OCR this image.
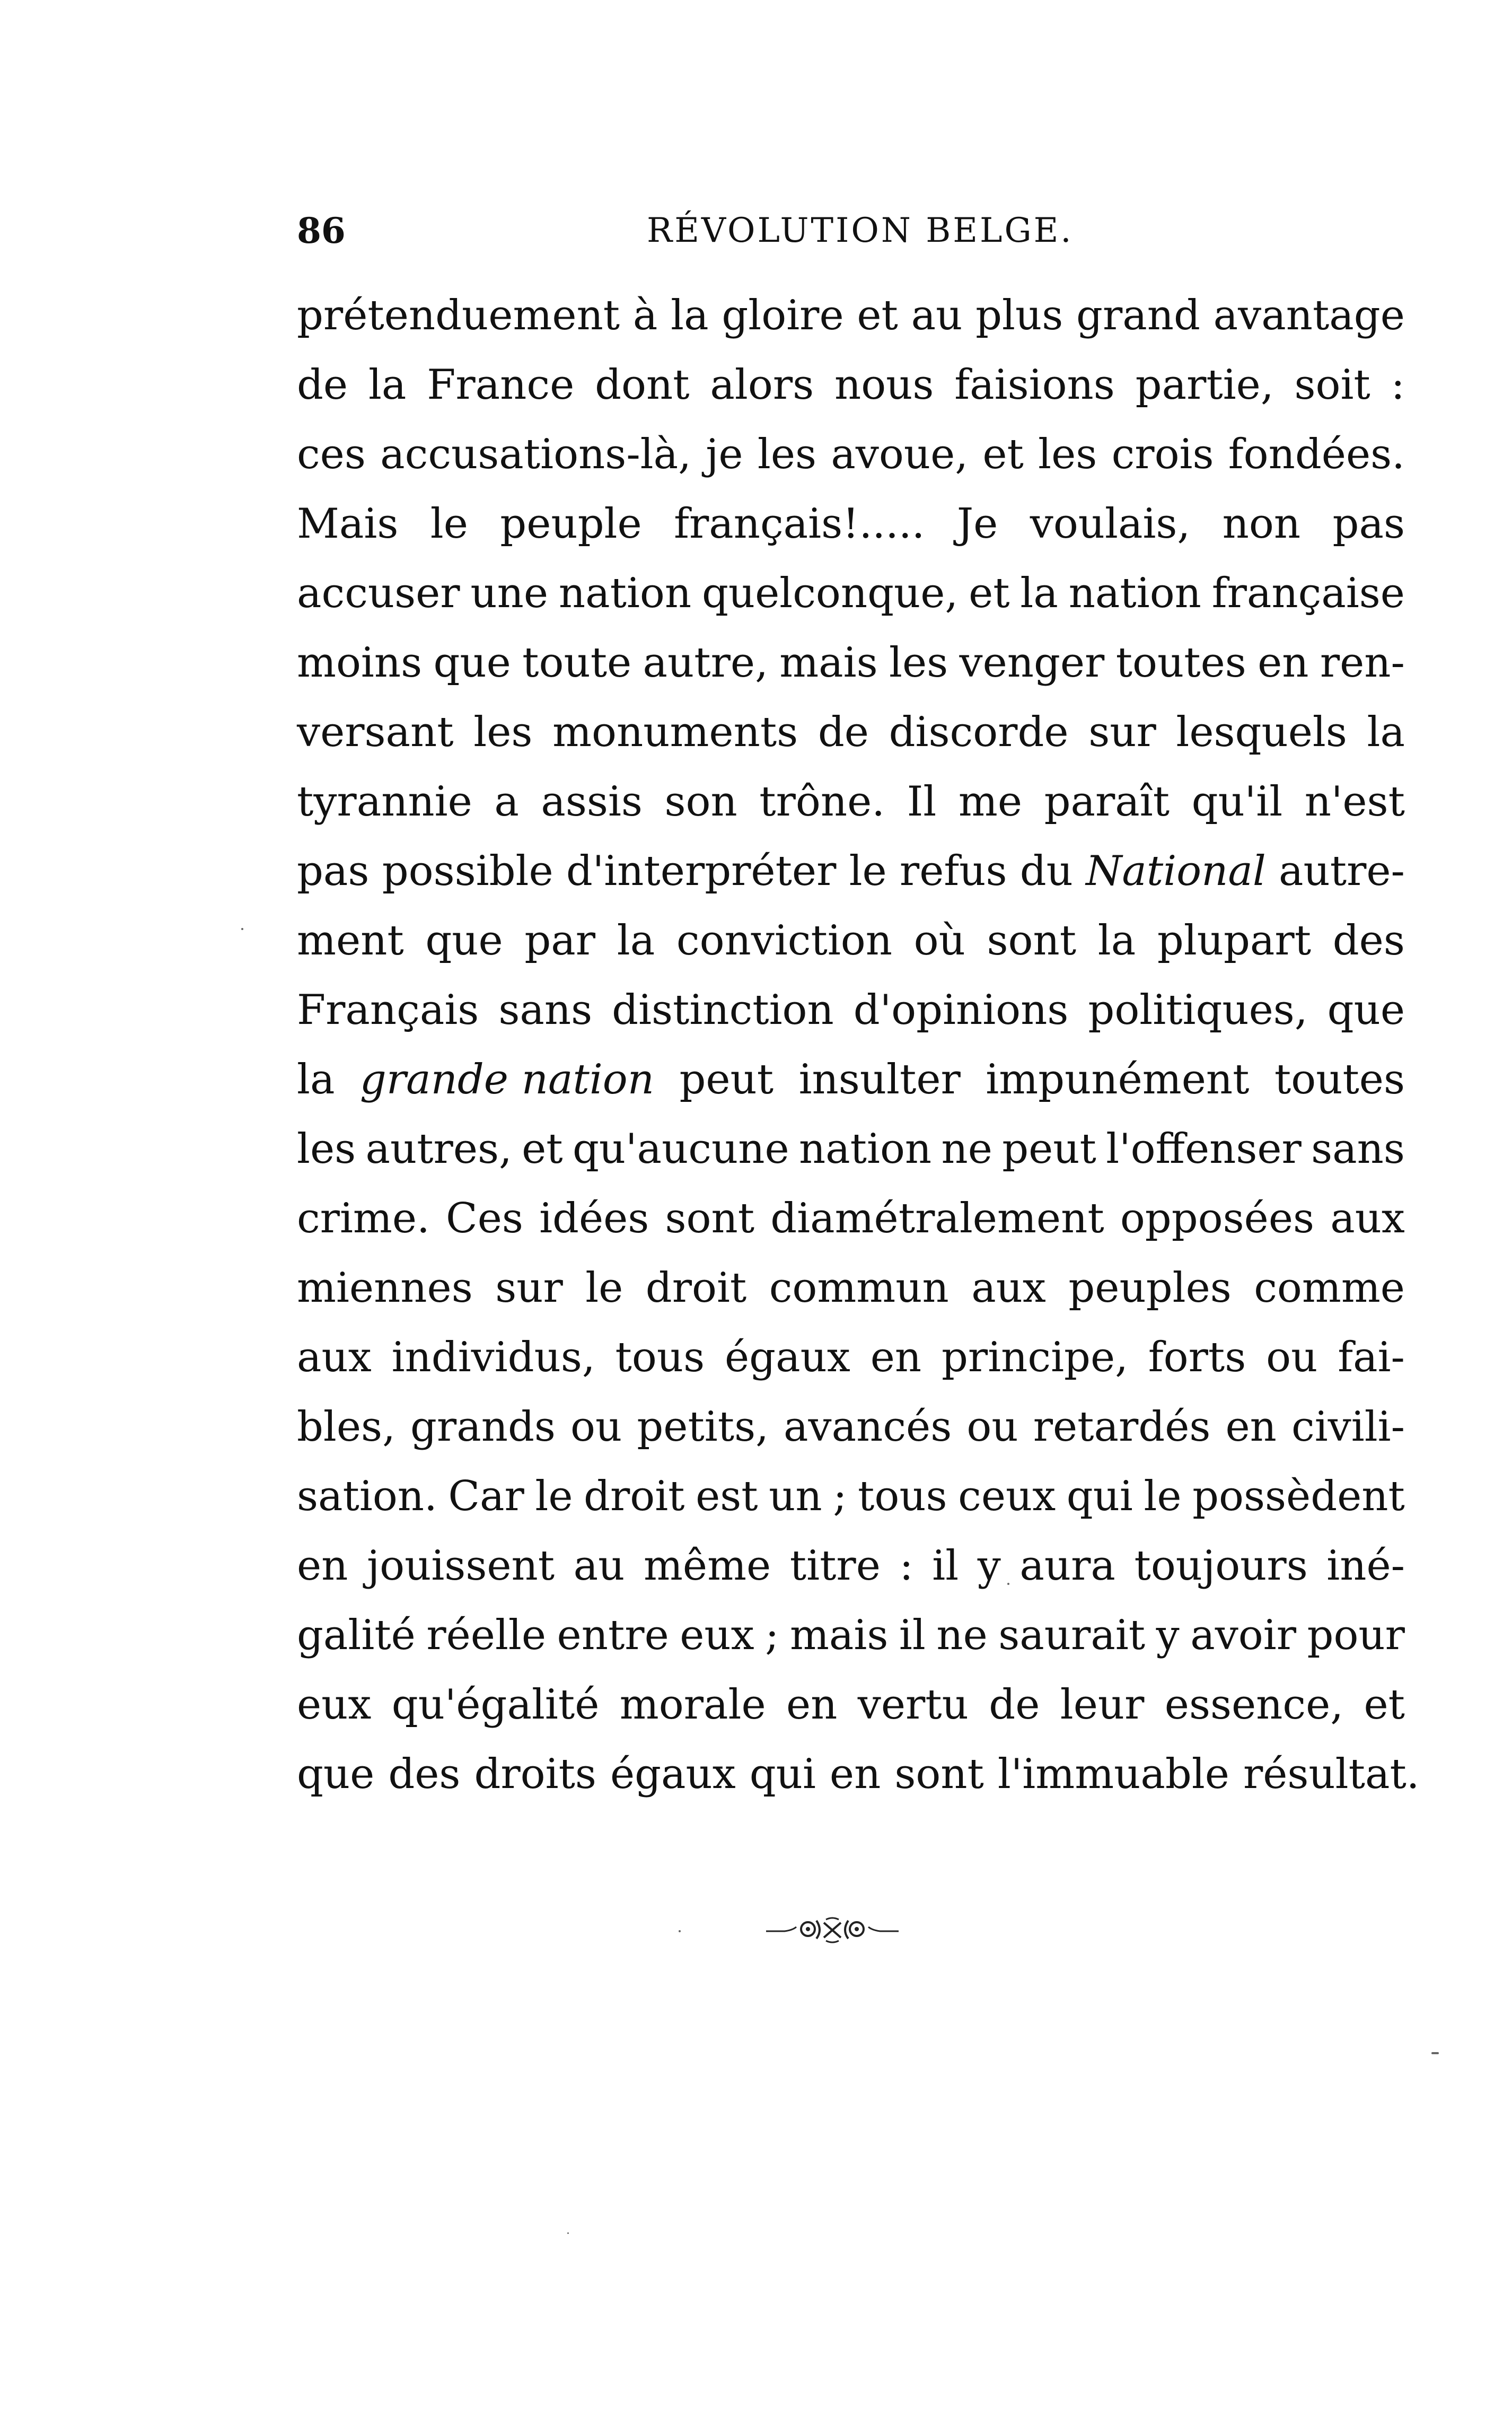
86	RÉVOLUTION BELGE.
prétenduement à la gloire et au plus grand avantage
de la France dont alors nous faisions partie, soit :
ces accusations-là, je les avoue, et les crois fondées.
Mais le peuple français!..... Je voulais, non pas
accuser une nation quelconque, et la nation française
moins que toute autre, mais les venger toutes en ren-
versant les monuments de discorde sur lesquels la
tyrannie a assis son trône. Il me paraît qu'il n'est
pas possible d'interpréter le refus du National autre-
ment que par la conviction où sont la plupart des
Français sans distinction d'opinions politiques, que
la grande nation peut insulter impunément toutes
les autres, et qu'aucune nation ne peut l'offenser sans
crime. Ces idées sont diamétralement opposées aux
miennes sur le droit commun aux peuples comme
aux individus, tous égaux en principe, forts ou fai-
bles, grands ou petits, avancés ou retardés en civili-
sation. Car le droit est un ; tous ceux qui le possèdent
en jouissent au même titre : il y aura toujours iné-
galité réelle entre eux ; mais il ne saurait y avoir pour
eux qu'égalité morale en vertu de leur essence, et
que des droits égaux qui en sont l'immuable résultat.
